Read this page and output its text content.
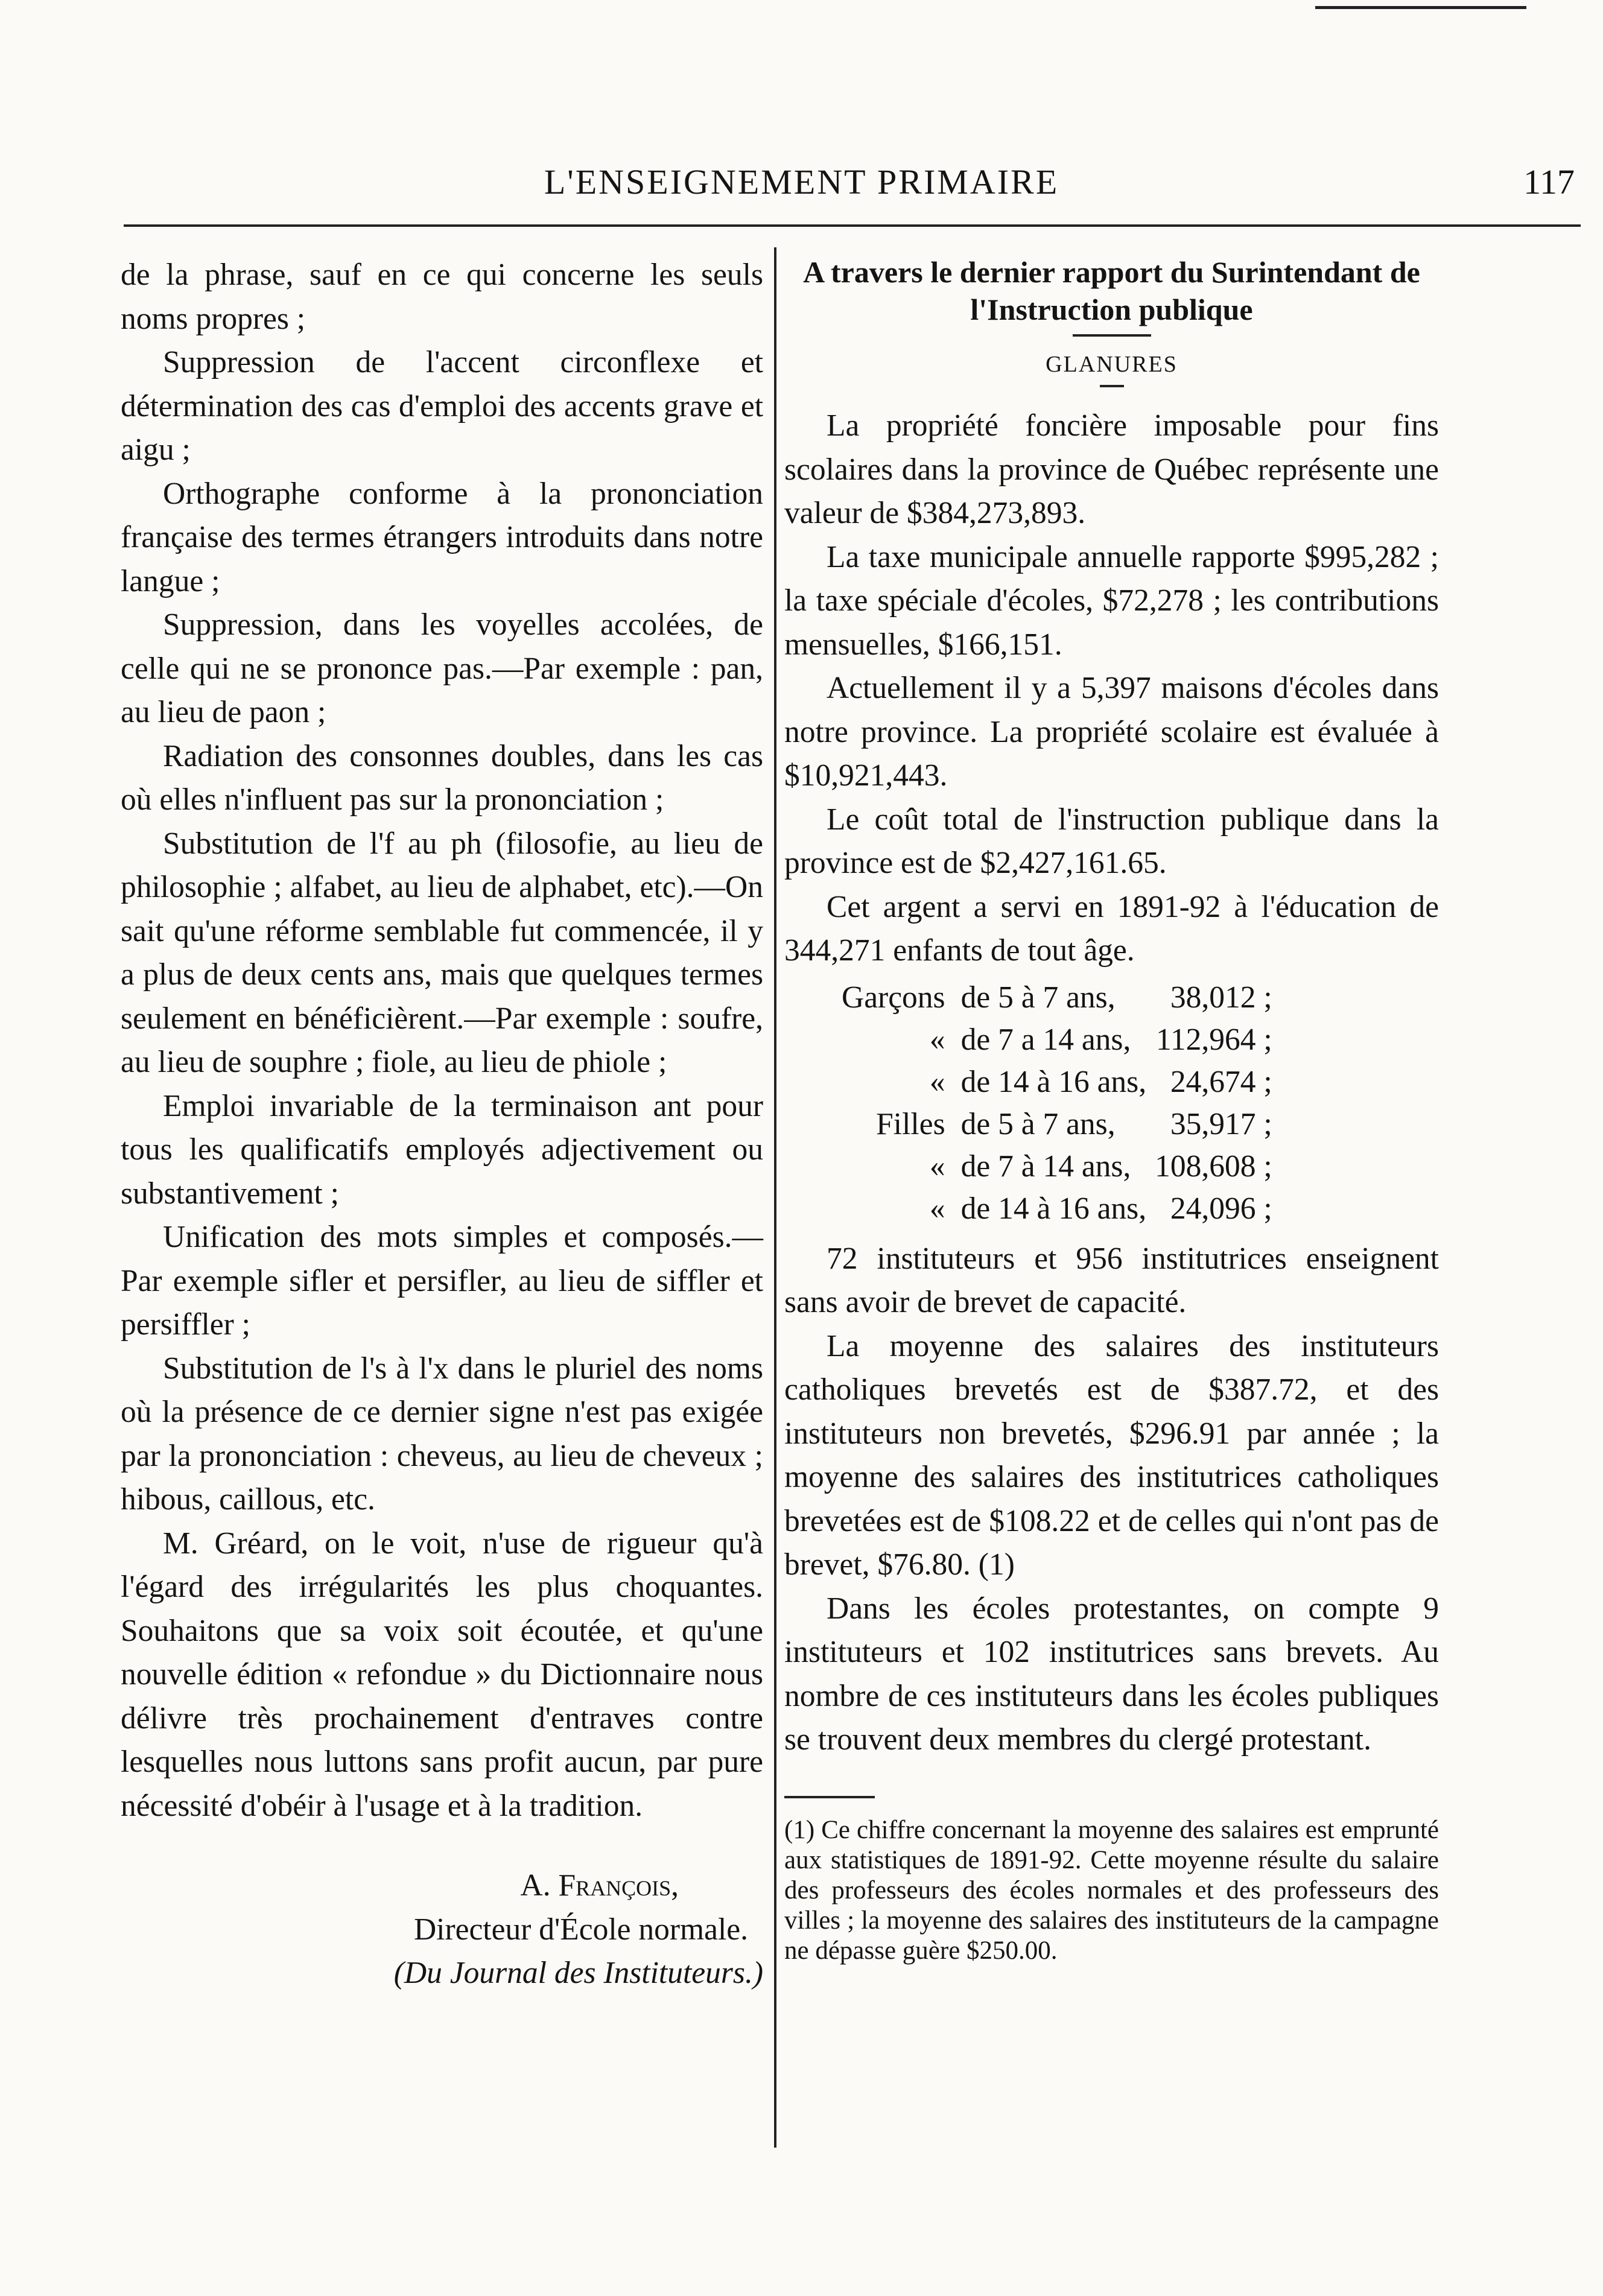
L'ENSEIGNEMENT PRIMAIRE	117

de la phrase, sauf en ce qui concerne les seuls noms propres ;

Suppression de l'accent circonflexe et détermination des cas d'emploi des accents grave et aigu ;

Orthographe conforme à la prononciation française des termes étrangers introduits dans notre langue ;

Suppression, dans les voyelles accolées, de celle qui ne se prononce pas.—Par exemple : pan, au lieu de paon ;

Radiation des consonnes doubles, dans les cas où elles n'influent pas sur la prononciation ;

Substitution de l'f au ph (filosofie, au lieu de philosophie ; alfabet, au lieu de alphabet, etc).—On sait qu'une réforme semblable fut commencée, il y a plus de deux cents ans, mais que quelques termes seulement en bénéficièrent.—Par exemple : soufre, au lieu de souphre ; fiole, au lieu de phiole ;

Emploi invariable de la terminaison ant pour tous les qualificatifs employés adjectivement ou substantivement ;

Unification des mots simples et composés.—Par exemple sifler et persifler, au lieu de siffler et persiffler ;

Substitution de l's à l'x dans le pluriel des noms où la présence de ce dernier signe n'est pas exigée par la prononciation : cheveus, au lieu de cheveux ; hibous, caillous, etc.

M. Gréard, on le voit, n'use de rigueur qu'à l'égard des irrégularités les plus choquantes. Souhaitons que sa voix soit écoutée, et qu'une nouvelle édition « refondue » du Dictionnaire nous délivre très prochainement d'entraves contre lesquelles nous luttons sans profit aucun, par pure nécessité d'obéir à l'usage et à la tradition.

A. François,

Directeur d'École normale.

(Du Journal des Instituteurs.)

A travers le dernier rapport du Surintendant de l'Instruction publique

GLANURES

La propriété foncière imposable pour fins scolaires dans la province de Québec représente une valeur de $384,273,893.

La taxe municipale annuelle rapporte $995,282 ; la taxe spéciale d'écoles, $72,278 ; les contributions mensuelles, $166,151.

Actuellement il y a 5,397 maisons d'écoles dans notre province. La propriété scolaire est évaluée à $10,921,443.

Le coût total de l'instruction publique dans la province est de $2,427,161.65.

Cet argent a servi en 1891-92 à l'éducation de 344,271 enfants de tout âge.

Garçons	de 5 à 7 ans,	38,012 ;
«	de 7 a 14 ans,	112,964 ;
«	de 14 à 16 ans,	24,674 ;
Filles	de 5 à 7 ans,	35,917 ;
«	de 7 à 14 ans,	108,608 ;
«	de 14 à 16 ans,	24,096 ;

72 instituteurs et 956 institutrices enseignent sans avoir de brevet de capacité.

La moyenne des salaires des instituteurs catholiques brevetés est de $387.72, et des instituteurs non brevetés, $296.91 par année ; la moyenne des salaires des institutrices catholiques brevetées est de $108.22 et de celles qui n'ont pas de brevet, $76.80. (1)

Dans les écoles protestantes, on compte 9 instituteurs et 102 institutrices sans brevets. Au nombre de ces instituteurs dans les écoles publiques se trouvent deux membres du clergé protestant.

(1) Ce chiffre concernant la moyenne des salaires est emprunté aux statistiques de 1891-92. Cette moyenne résulte du salaire des professeurs des écoles normales et des professeurs des villes ; la moyenne des salaires des instituteurs de la campagne ne dépasse guère $250.00.
